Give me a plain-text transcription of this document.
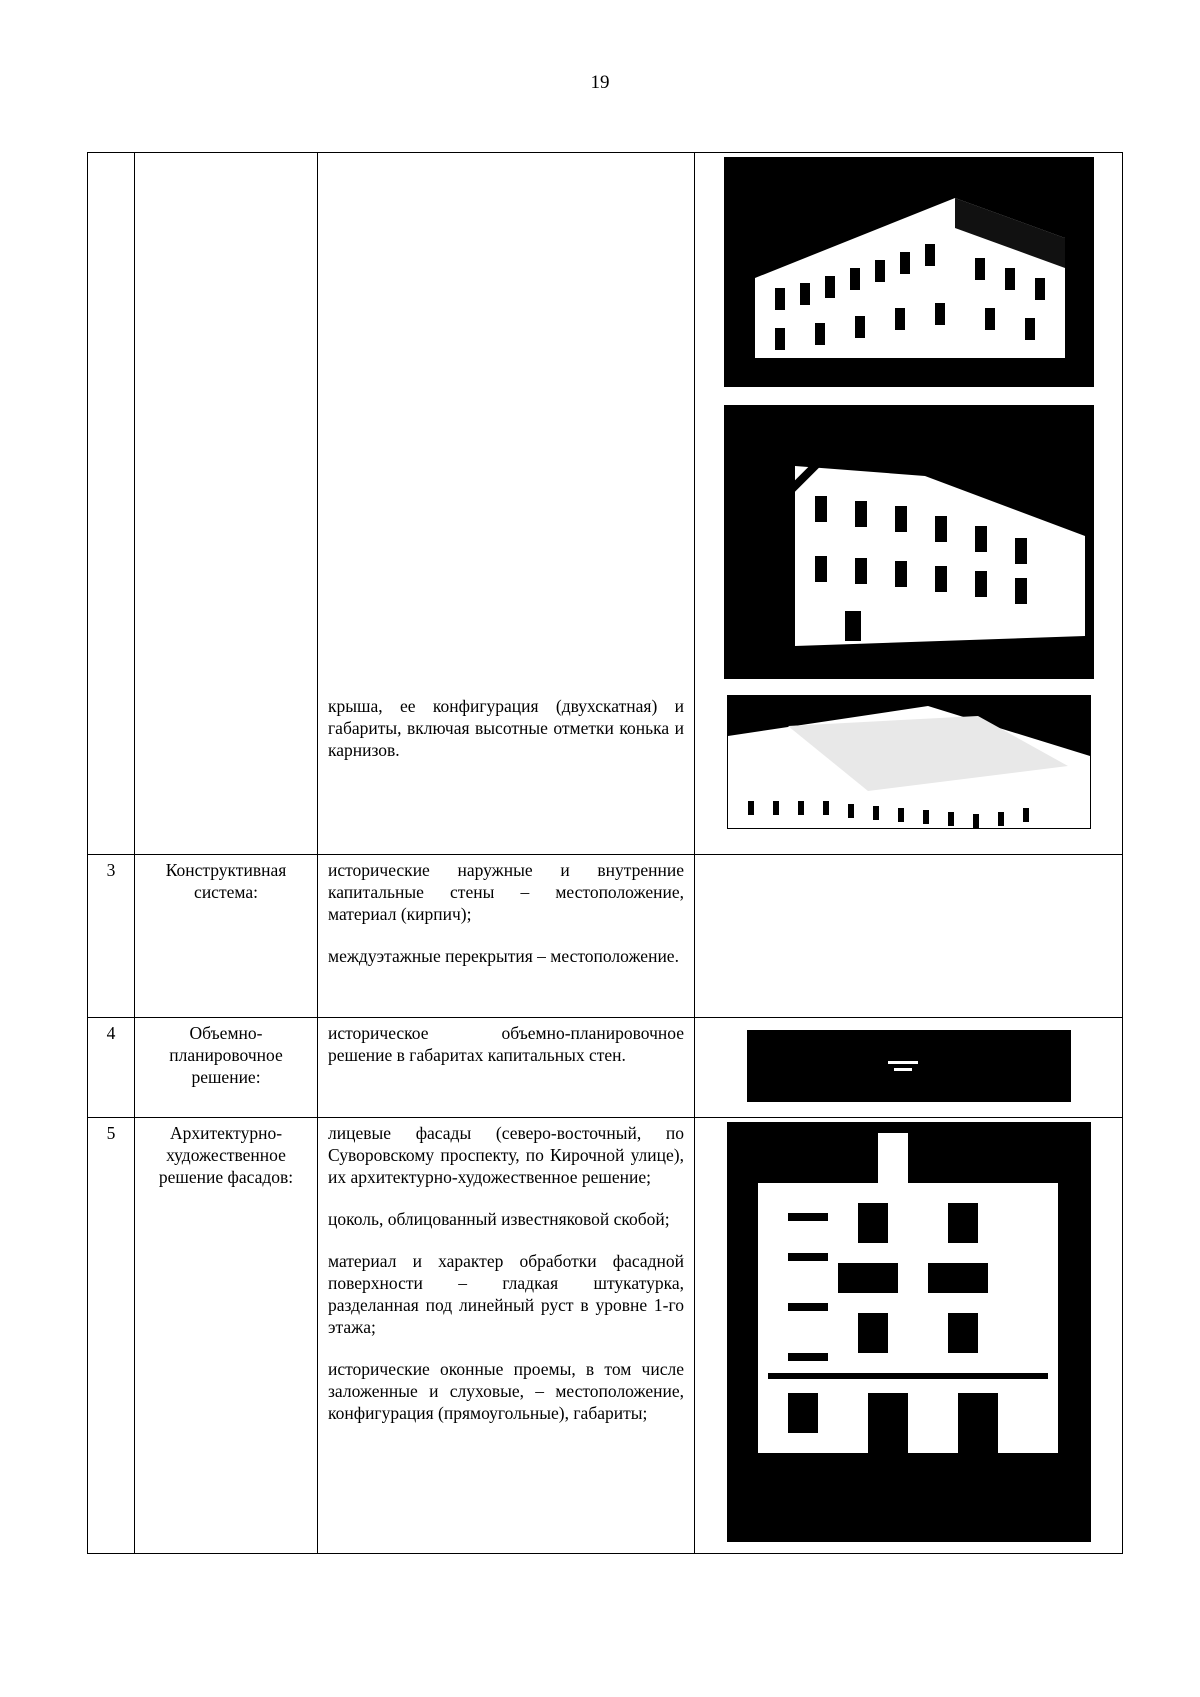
19

		крыша, ее конфигурация (двухскатная) и габариты, включая высотные отметки конька и карнизов.

3	Конструктивная система:	исторические наружные и внутренние капитальные стены – местоположение, материал (кирпич);

междуэтажные перекрытия – местоположение.	

4	Объемно-планировочное решение:	историческое объемно-планировочное решение в габаритах капитальных стен.

5	Архитектурно-художественное решение фасадов:	лицевые фасады (северо-восточный, по Суворовскому проспекту, по Кирочной улице), их архитектурно-художественное решение;

цоколь, облицованный известняковой скобой;

материал и характер обработки фасадной поверхности – гладкая штукатурка, разделанная под линейный руст в уровне 1-го этажа;

исторические оконные проемы, в том числе заложенные и слуховые, – местоположение, конфигурация (прямоугольные), габариты;
